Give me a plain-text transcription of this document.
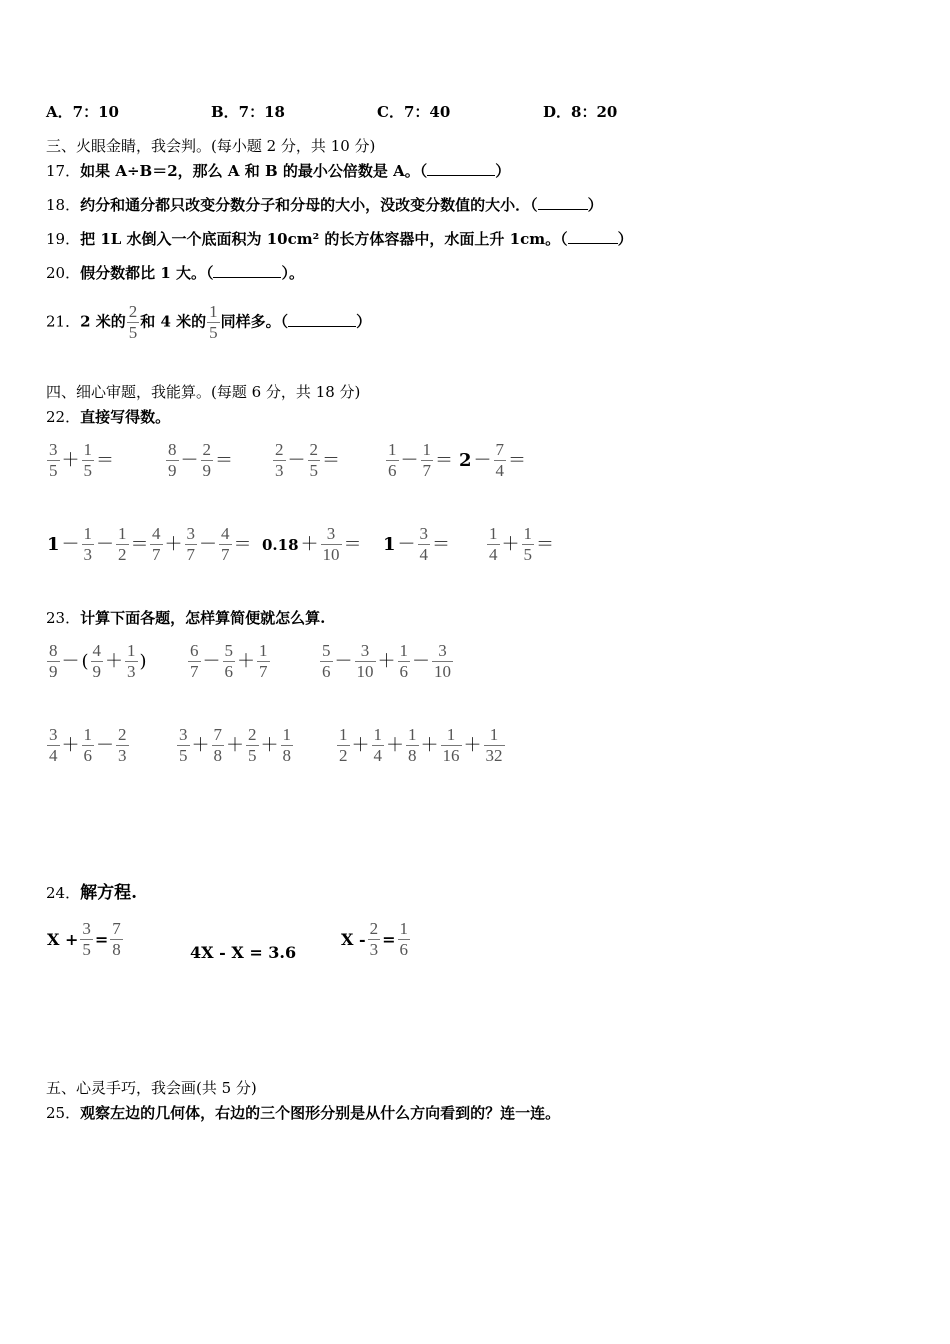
A．7：10	B．7：18	C．7：40	D．8：20
三、火眼金睛，我会判。(每小题 2 分，共 10 分)
17．如果 A÷B＝2，那么 A 和 B 的最小公倍数是 A。（	）
18．约分和通分都只改变分数分子和分母的大小，没改变分数值的大小．（	）
19．把 1L 水倒入一个底面积为 10cm² 的长方体容器中，水面上升 1cm。（	）
20．假分数都比 1 大。（	）。
21．2 米的 $\frac{2}{5}$ 和 4 米的 $\frac{1}{5}$ 同样多。（	）
四、细心审题，我能算。(每题 6 分，共 18 分)
22．直接写得数。
$\frac{3}{5} + \frac{1}{5}$ ＝	$\frac{8}{9} - \frac{2}{9} = \frac{2}{3} - \frac{2}{5}$ ＝	$\frac{1}{6} - \frac{1}{7} = 2 - \frac{7}{4}$ ＝
$1 - \frac{1}{3} - \frac{1}{2} = \frac{4}{7} + \frac{3}{7} - \frac{4}{7} = 0.18 + \frac{3}{10} = 1 - \frac{3}{4} = \frac{1}{4} + \frac{1}{5}$ ＝
23．计算下面各题，怎样算简便就怎么算.
$\frac{8}{9}$ － ( $\frac{4}{9} + \frac{1}{3}$ ) $\frac{6}{7} - \frac{5}{6} + \frac{1}{7}$	$\frac{5}{6} - \frac{3}{10} + \frac{1}{6} - \frac{3}{10}$
$\frac{3}{4} + \frac{1}{6} - \frac{2}{3}$	$\frac{3}{5} + \frac{7}{8} + \frac{2}{5} + \frac{1}{8}$	$\frac{1}{2} + \frac{1}{4} + \frac{1}{8} + \frac{1}{16} + \frac{1}{32}$
24．解方程.
$X + \frac{3}{5} = \frac{7}{8}$	4X - X = 3.6
$X - \frac{2}{3} = \frac{1}{6}$
五、心灵手巧，我会画(共 5 分)
25．观察左边的几何体，右边的三个图形分别是从什么方向看到的？连一连。
